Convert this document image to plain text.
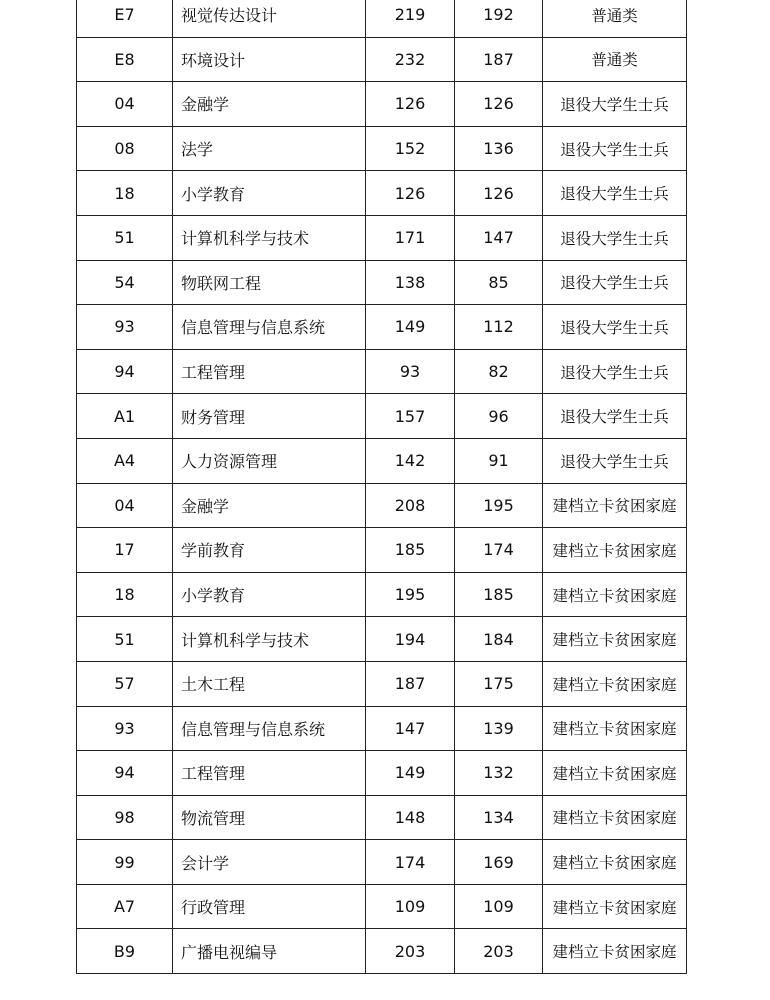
E7	视觉传达设计	219	192	普通类
E8	环境设计	232	187	普通类
04	金融学	126	126	退役大学生士兵
08	法学	152	136	退役大学生士兵
18	小学教育	126	126	退役大学生士兵
51	计算机科学与技术	171	147	退役大学生士兵
54	物联网工程	138	85	退役大学生士兵
93	信息管理与信息系统	149	112	退役大学生士兵
94	工程管理	93	82	退役大学生士兵
A1	财务管理	157	96	退役大学生士兵
A4	人力资源管理	142	91	退役大学生士兵
04	金融学	208	195	建档立卡贫困家庭
17	学前教育	185	174	建档立卡贫困家庭
18	小学教育	195	185	建档立卡贫困家庭
51	计算机科学与技术	194	184	建档立卡贫困家庭
57	土木工程	187	175	建档立卡贫困家庭
93	信息管理与信息系统	147	139	建档立卡贫困家庭
94	工程管理	149	132	建档立卡贫困家庭
98	物流管理	148	134	建档立卡贫困家庭
99	会计学	174	169	建档立卡贫困家庭
A7	行政管理	109	109	建档立卡贫困家庭
B9	广播电视编导	203	203	建档立卡贫困家庭
